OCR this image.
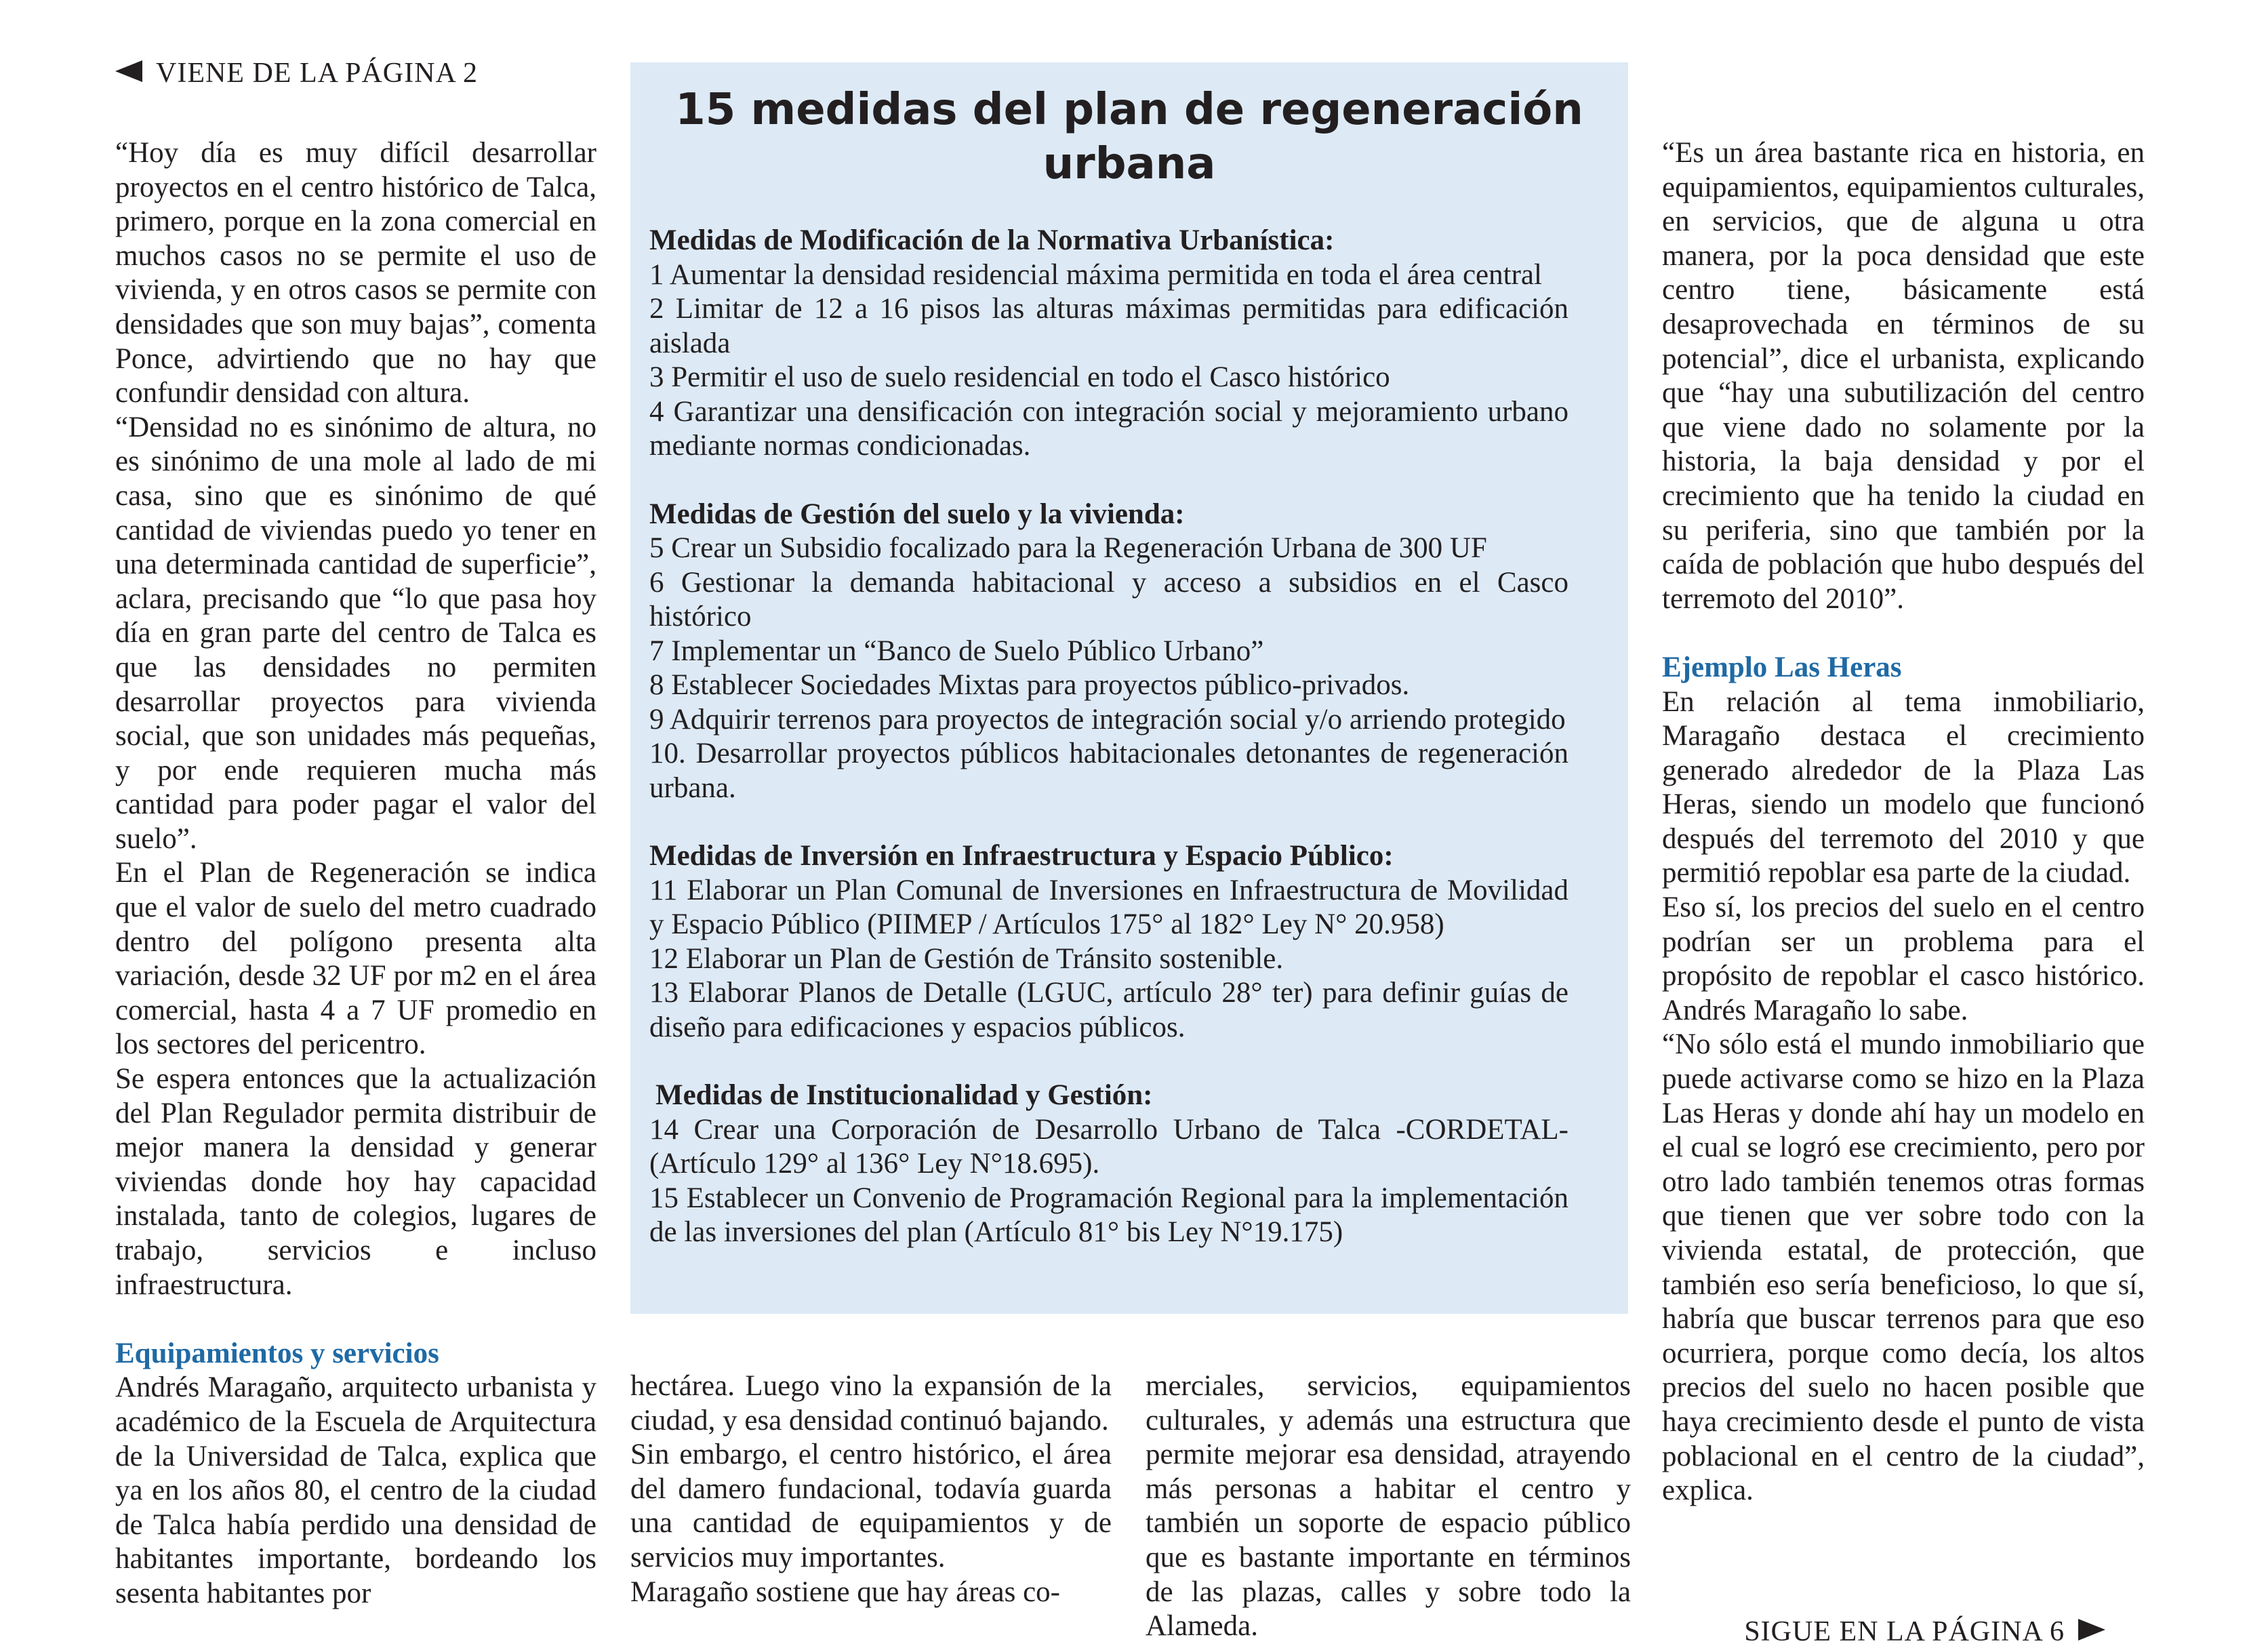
VIENE DE LA PÁGINA 2
SIGUE EN LA PÁGINA 6

“Hoy día es muy difícil desarrollar proyectos en el centro histórico de Talca, primero, porque en la zona comercial en muchos casos no se permite el uso de vivienda, y en otros casos se permite con densidades que son muy bajas”, comenta Ponce, advirtiendo que no hay que confundir densidad con altura.

“Densidad no es sinónimo de altura, no es sinónimo de una mole al lado de mi casa, sino que es sinónimo de qué cantidad de viviendas puedo yo tener en una determinada cantidad de superficie”, aclara, precisando que “lo que pasa hoy día en gran parte del centro de Talca es que las densidades no permiten desarrollar proyectos para vivienda social, que son unidades más pequeñas, y por ende requieren mucha más cantidad para poder pagar el valor del suelo”.

En el Plan de Regeneración se indica que el valor de suelo del metro cuadrado dentro del polígono presenta alta variación, desde 32 UF por m2 en el área comercial, hasta 4 a 7 UF promedio en los sectores del pericentro.

Se espera entonces que la actualización del Plan Regulador permita distribuir de mejor manera la densidad y generar viviendas donde hoy hay capacidad instalada, tanto de colegios, lugares de trabajo, servicios e incluso infraestructura.

Equipamientos y servicios

Andrés Maragaño, arquitecto urbanista y académico de la Escuela de Arquitectura de la Universidad de Talca, explica que ya en los años 80, el centro de la ciudad de Talca había perdido una densidad de habitantes importante, bordeando los sesenta habitantes por

15 medidas del plan de regeneración urbana

Medidas de Modificación de la Normativa Urbanística:

1 Aumentar la densidad residencial máxima permitida en toda el área central

2 Limitar de 12 a 16 pisos las alturas máximas permitidas para edificación aislada

3 Permitir el uso de suelo residencial en todo el Casco histórico

4 Garantizar una densificación con integración social y mejoramiento urbano mediante normas condicionadas.

Medidas de Gestión del suelo y la vivienda:

5 Crear un Subsidio focalizado para la Regeneración Urbana de 300 UF

6 Gestionar la demanda habitacional y acceso a subsidios en el Casco histórico

7 Implementar un “Banco de Suelo Público Urbano”

8 Establecer Sociedades Mixtas para proyectos público-privados.

9 Adquirir terrenos para proyectos de integración social y/o arriendo protegido

10. Desarrollar proyectos públicos habitacionales detonantes de regeneración urbana.

Medidas de Inversión en Infraestructura y Espacio Público:

11 Elaborar un Plan Comunal de Inversiones en Infraestructura de Movilidad y Espacio Público (PIIMEP / Artículos 175° al 182° Ley N° 20.958)

12 Elaborar un Plan de Gestión de Tránsito sostenible.

13 Elaborar Planos de Detalle (LGUC, artículo 28° ter) para definir guías de diseño para edificaciones y espacios públicos.

Medidas de Institucionalidad y Gestión:

14 Crear una Corporación de Desarrollo Urbano de Talca -CORDETAL- (Artículo 129° al 136° Ley N°18.695).

15 Establecer un Convenio de Programación Regional para la implementación de las inversiones del plan (Artículo 81° bis Ley N°19.175)

hectárea. Luego vino la expansión de la ciudad, y esa densidad continuó bajando.

Sin embargo, el centro histórico, el área del damero fundacional, todavía guarda una cantidad de equipamientos y de servicios muy importantes.

Maragaño sostiene que hay áreas co-

merciales, servicios, equipamientos culturales, y además una estructura que permite mejorar esa densidad, atrayendo más personas a habitar el centro y también un soporte de espacio público que es bastante importante en términos de las plazas, calles y sobre todo la Alameda.

“Es un área bastante rica en historia, en equipamientos, equipamientos culturales, en servicios, que de alguna u otra manera, por la poca densidad que este centro tiene, básicamente está desaprovechada en términos de su potencial”, dice el urbanista, explicando que “hay una subutilización del centro que viene dado no solamente por la historia, la baja densidad y por el crecimiento que ha tenido la ciudad en su periferia, sino que también por la caída de población que hubo después del terremoto del 2010”.

Ejemplo Las Heras

En relación al tema inmobiliario, Maragaño destaca el crecimiento generado alrededor de la Plaza Las Heras, siendo un modelo que funcionó después del terremoto del 2010 y que permitió repoblar esa parte de la ciudad.

Eso sí, los precios del suelo en el centro podrían ser un problema para el propósito de repoblar el casco histórico. Andrés Maragaño lo sabe.

“No sólo está el mundo inmobiliario que puede activarse como se hizo en la Plaza Las Heras y donde ahí hay un modelo en el cual se logró ese crecimiento, pero por otro lado también tenemos otras formas que tienen que ver sobre todo con la vivienda estatal, de protección, que también eso sería beneficioso, lo que sí, habría que buscar terrenos para que eso ocurriera, porque como decía, los altos precios del suelo no hacen posible que haya crecimiento desde el punto de vista poblacional en el centro de la ciudad”, explica.
